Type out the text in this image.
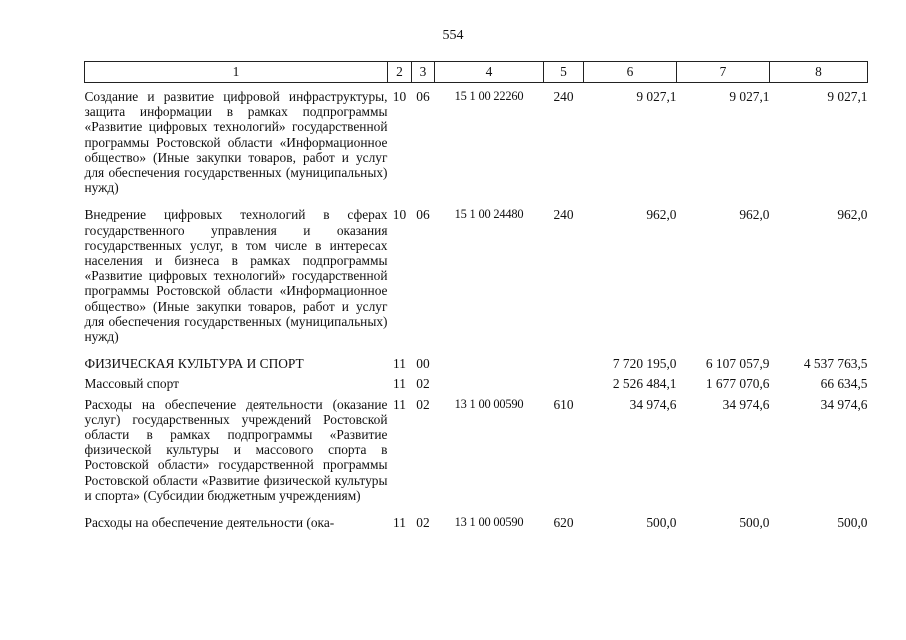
554
1	2	3	4	5	6	7	8
Создание и развитие цифровой инфраструктуры, защита информации в рамках подпрограммы «Развитие цифровых технологий» государственной программы Ростовской области «Информационное общество» (Иные закупки товаров, работ и услуг для обеспечения государственных (муниципальных) нужд)	10	06	15 1 00 22260	240	9 027,1	9 027,1	9 027,1
Внедрение цифровых технологий в сферах государственного управления и оказания государственных услуг, в том числе в интересах населения и бизнеса в рамках подпрограммы «Развитие цифровых технологий» государственной программы Ростовской области «Информационное общество» (Иные закупки товаров, работ и услуг для обеспечения государственных (муниципальных) нужд)	10	06	15 1 00 24480	240	962,0	962,0	962,0
ФИЗИЧЕСКАЯ КУЛЬТУРА И СПОРТ	11	00			7 720 195,0	6 107 057,9	4 537 763,5
Массовый спорт	11	02			2 526 484,1	1 677 070,6	66 634,5
Расходы на обеспечение деятельности (оказание услуг) государственных учреждений Ростовской области в рамках подпрограммы «Развитие физической культуры и массового спорта в Ростовской области» государственной программы Ростовской области «Развитие физической культуры и спорта» (Субсидии бюджетным учреждениям)	11	02	13 1 00 00590	610	34 974,6	34 974,6	34 974,6
Расходы на обеспечение деятельности (ока-	11	02	13 1 00 00590	620	500,0	500,0	500,0
